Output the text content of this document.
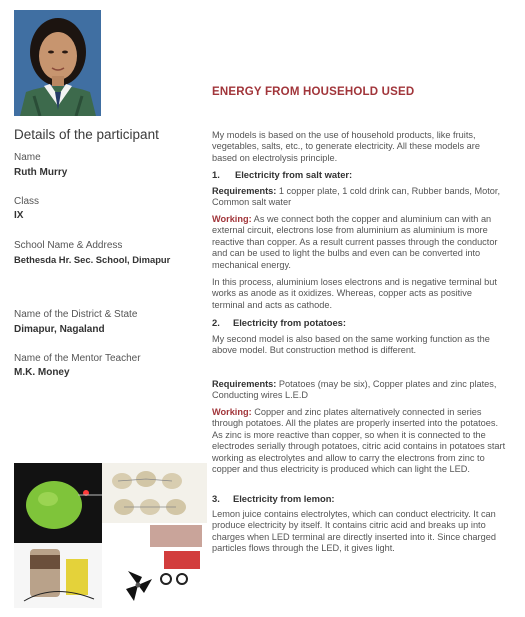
Details of the participant
Name
Ruth Murry
Class
IX
School Name & Address
Bethesda Hr. Sec. School, Dimapur
Name of the District & State
Dimapur, Nagaland
Name of the Mentor Teacher
M.K. Money
ENERGY FROM HOUSEHOLD USED
My models is based on the use of household products, like fruits, vegetables, salts, etc., to generate electricity. All these models are based on electrolysis principle.
1. Electricity from salt water:
Requirements: 1 copper plate, 1 cold drink can, Rubber bands, Motor, Common salt water
Working: As we connect both the copper and aluminium can with an external circuit, electrons lose from aluminium as aluminium is more reactive than copper. As a result current passes through the conductor and can be used to light the bulbs and even can be converted into mechanical energy.
In this process, aluminium loses electrons and is negative terminal but works as anode as it oxidizes. Whereas, copper acts as positive terminal and acts as cathode.
2. Electricity from potatoes:
My second model is also based on the same working function as the above model. But construction method is different.
Requirements: Potatoes (may be six), Copper plates and zinc plates, Conducting wires L.E.D
Working: Copper and zinc plates alternatively connected in series through potatoes. All the plates are properly inserted into the potatoes. As zinc is more reactive than copper, so when it is connected to the electrodes serially through potatoes, citric acid contains in potatoes start working as electrolytes and allow to carry the electrons from zinc to copper and thus electricity is produced which can light the LED.
3. Electricity from lemon:
Lemon juice contains electrolytes, which can conduct electricity. It can produce electricity by itself. It contains citric acid and breaks up into charges when LED terminal are directly inserted into it. Since charged particles flows through the LED, it gives light.
